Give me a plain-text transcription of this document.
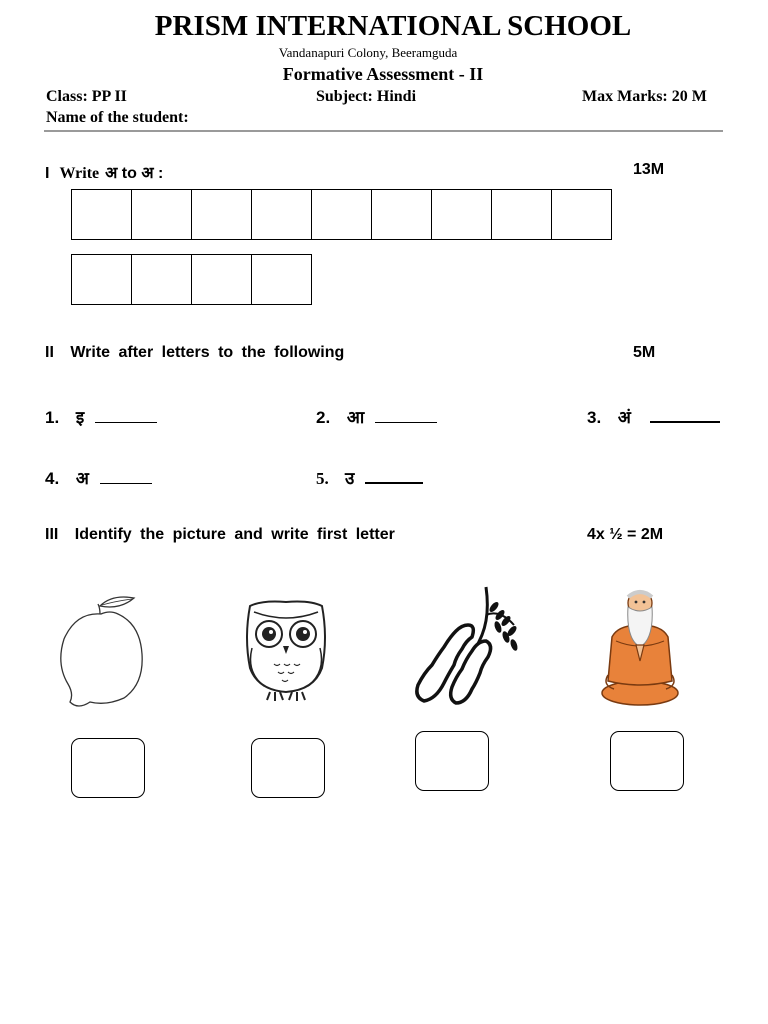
PRISM INTERNATIONAL SCHOOL
Vandanapuri Colony, Beeramguda
Formative Assessment - II
Class: PP II	Subject: Hindi	Max Marks: 20 M
Name of the student:
I Write अ to अ :	13M
II Write after letters to the following	5M
1. इ	2. आ	3. अं
4. अ	5. उ
III Identify the picture and write first letter	4x ½ = 2M
